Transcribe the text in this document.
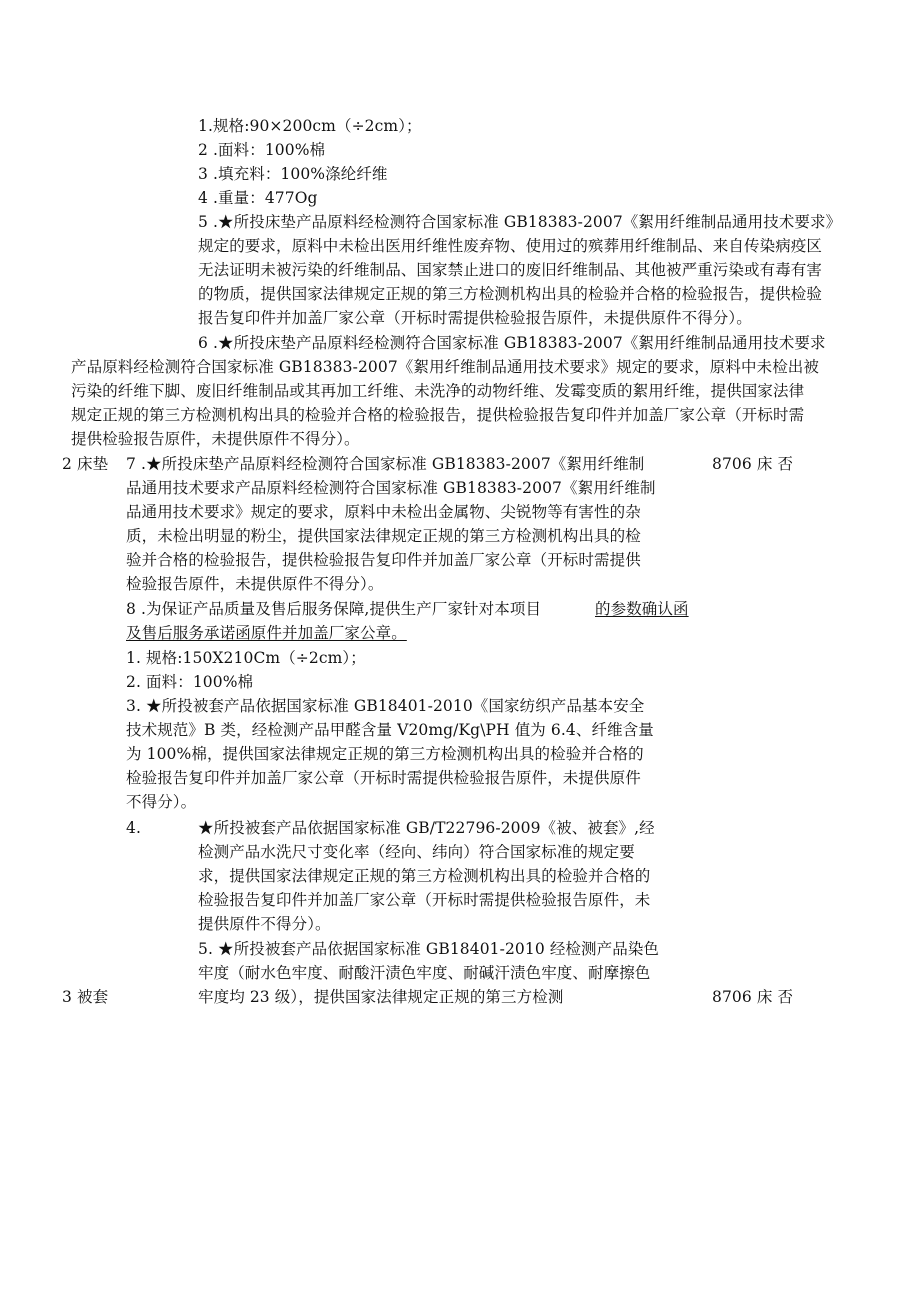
1.规格:90×200cm（÷2cm）；
2 .面料：100%棉
3 .填充料：100%涤纶纤维
4 .重量：477Og
5 .★所投床垫产品原料经检测符合国家标准 GB18383-2007《絮用纤维制品通用技术要求》
规定的要求，原料中未检出医用纤维性废弃物、使用过的殡葬用纤维制品、来自传染病疫区
无法证明未被污染的纤维制品、国家禁止进口的废旧纤维制品、其他被严重污染或有毒有害
的物质，提供国家法律规定正规的第三方检测机构出具的检验并合格的检验报告，提供检验
报告复印件并加盖厂家公章（开标时需提供检验报告原件，未提供原件不得分）。
6 .★所投床垫产品原料经检测符合国家标准 GB18383-2007《絮用纤维制品通用技术要求
产品原料经检测符合国家标准 GB18383-2007《絮用纤维制品通用技术要求》规定的要求，原料中未检出被
污染的纤维下脚、废旧纤维制品或其再加工纤维、未洗净的动物纤维、发霉变质的絮用纤维，提供国家法律
规定正规的第三方检测机构出具的检验并合格的检验报告，提供检验报告复印件并加盖厂家公章（开标时需
提供检验报告原件，未提供原件不得分）。
2 床垫 7 .★所投床垫产品原料经检测符合国家标准 GB18383-2007《絮用纤维制	8706 床 否
品通用技术要求产品原料经检测符合国家标准 GB18383-2007《絮用纤维制
品通用技术要求》规定的要求，原料中未检出金属物、尖锐物等有害性的杂
质，未检出明显的粉尘，提供国家法律规定正规的第三方检测机构出具的检
验并合格的检验报告，提供检验报告复印件并加盖厂家公章（开标时需提供
检验报告原件，未提供原件不得分）。
8 .为保证产品质量及售后服务保障,提供生产厂家针对本项目	的参数确认函
及售后服务承诺函原件并加盖厂家公章。
1. 规格:150X210Cm（÷2cm）；
2. 面料：100%棉
3. ★所投被套产品依据国家标准 GB18401-2010《国家纺织产品基本安全
技术规范》B 类，经检测产品甲醛含量 V20mg/Kg\PH 值为 6.4、纤维含量
为 100%棉，提供国家法律规定正规的第三方检测机构出具的检验并合格的
检验报告复印件并加盖厂家公章（开标时需提供检验报告原件，未提供原件
不得分）。
4.	★所投被套产品依据国家标准 GB/T22796-2009《被、被套》,经
检测产品水洗尺寸变化率（经向、纬向）符合国家标准的规定要
求，提供国家法律规定正规的第三方检测机构出具的检验并合格的
检验报告复印件并加盖厂家公章（开标时需提供检验报告原件，未
提供原件不得分）。
5. ★所投被套产品依据国家标准 GB18401-2010 经检测产品染色
牢度（耐水色牢度、耐酸汗渍色牢度、耐碱汗渍色牢度、耐摩擦色
3 被套	牢度均 23 级），提供国家法律规定正规的第三方检测	8706 床 否
